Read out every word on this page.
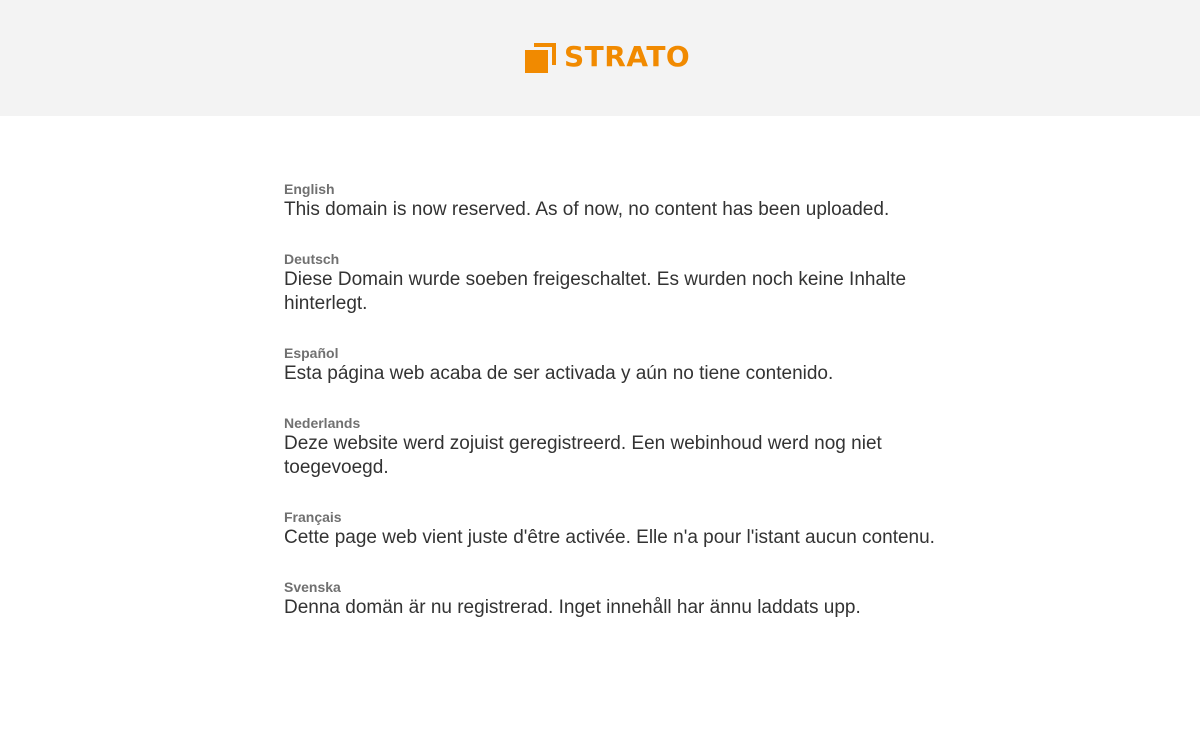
STRATO
English
This domain is now reserved. As of now, no content has been uploaded.
Deutsch
Diese Domain wurde soeben freigeschaltet. Es wurden noch keine Inhalte hinterlegt.
Español
Esta página web acaba de ser activada y aún no tiene contenido.
Nederlands
Deze website werd zojuist geregistreerd. Een webinhoud werd nog niet toegevoegd.
Français
Cette page web vient juste d'être activée. Elle n'a pour l'istant aucun contenu.
Svenska
Denna domän är nu registrerad. Inget innehåll har ännu laddats upp.
